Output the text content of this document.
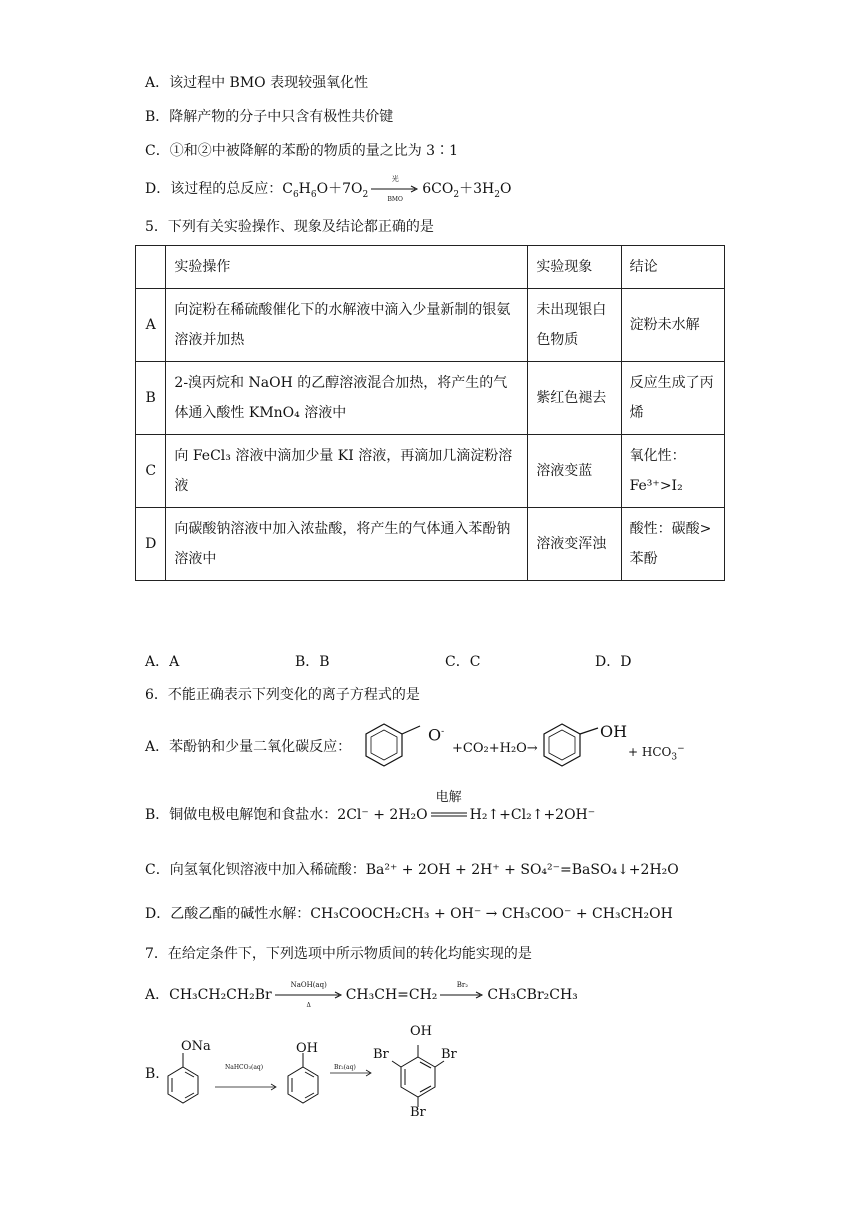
A．该过程中 BMO 表现较强氧化性
B．降解产物的分子中只含有极性共价键
C．①和②中被降解的苯酚的物质的量之比为 3∶1
D．该过程的总反应：$C_6H_6O+7O_2$
光
BMO
$6CO_2+3H_2O$
5．下列有关实验操作、现象及结论都正确的是
	实验操作	实验现象	结论
A	向淀粉在稀硫酸催化下的水解液中滴入少量新制的银氨溶液并加热	未出现银白色物质	淀粉未水解
B	2-溴丙烷和 NaOH 的乙醇溶液混合加热，将产生的气体通入酸性 KMnO₄ 溶液中	紫红色褪去	反应生成了丙烯
C	向 FeCl₃ 溶液中滴加少量 KI 溶液，再滴加几滴淀粉溶液	溶液变蓝	氧化性：Fe³⁺>I₂
D	向碳酸钠溶液中加入浓盐酸，将产生的气体通入苯酚钠溶液中	溶液变浑浊	酸性：碳酸>苯酚
A．A	B．B	C．C	D．D
6．不能正确表示下列变化的离子方程式的是
A．苯酚钠和少量二氧化碳反应：
O-
+CO₂+H₂O→
OH
+ $HCO_3^-$
B．铜做电极电解饱和食盐水：2Cl⁻ + 2H₂O
电解
H₂↑+Cl₂↑+2OH⁻
C．向氢氧化钡溶液中加入稀硫酸：Ba²⁺ + 2OH + 2H⁺ + SO₄²⁻=BaSO₄↓+2H₂O
D．乙酸乙酯的碱性水解：CH₃COOCH₂CH₃ + OH⁻ → CH₃COO⁻ + CH₃CH₂OH
7．在给定条件下，下列选项中所示物质间的转化均能实现的是
A．CH₃CH₂CH₂Br
NaOH(aq)
Δ
CH₃CH=CH₂
Br₂
CH₃CBr₂CH₃
B.
ONa
NaHCO₃(aq)
OH
Br₂(aq)
OH
Br	Br
Br
